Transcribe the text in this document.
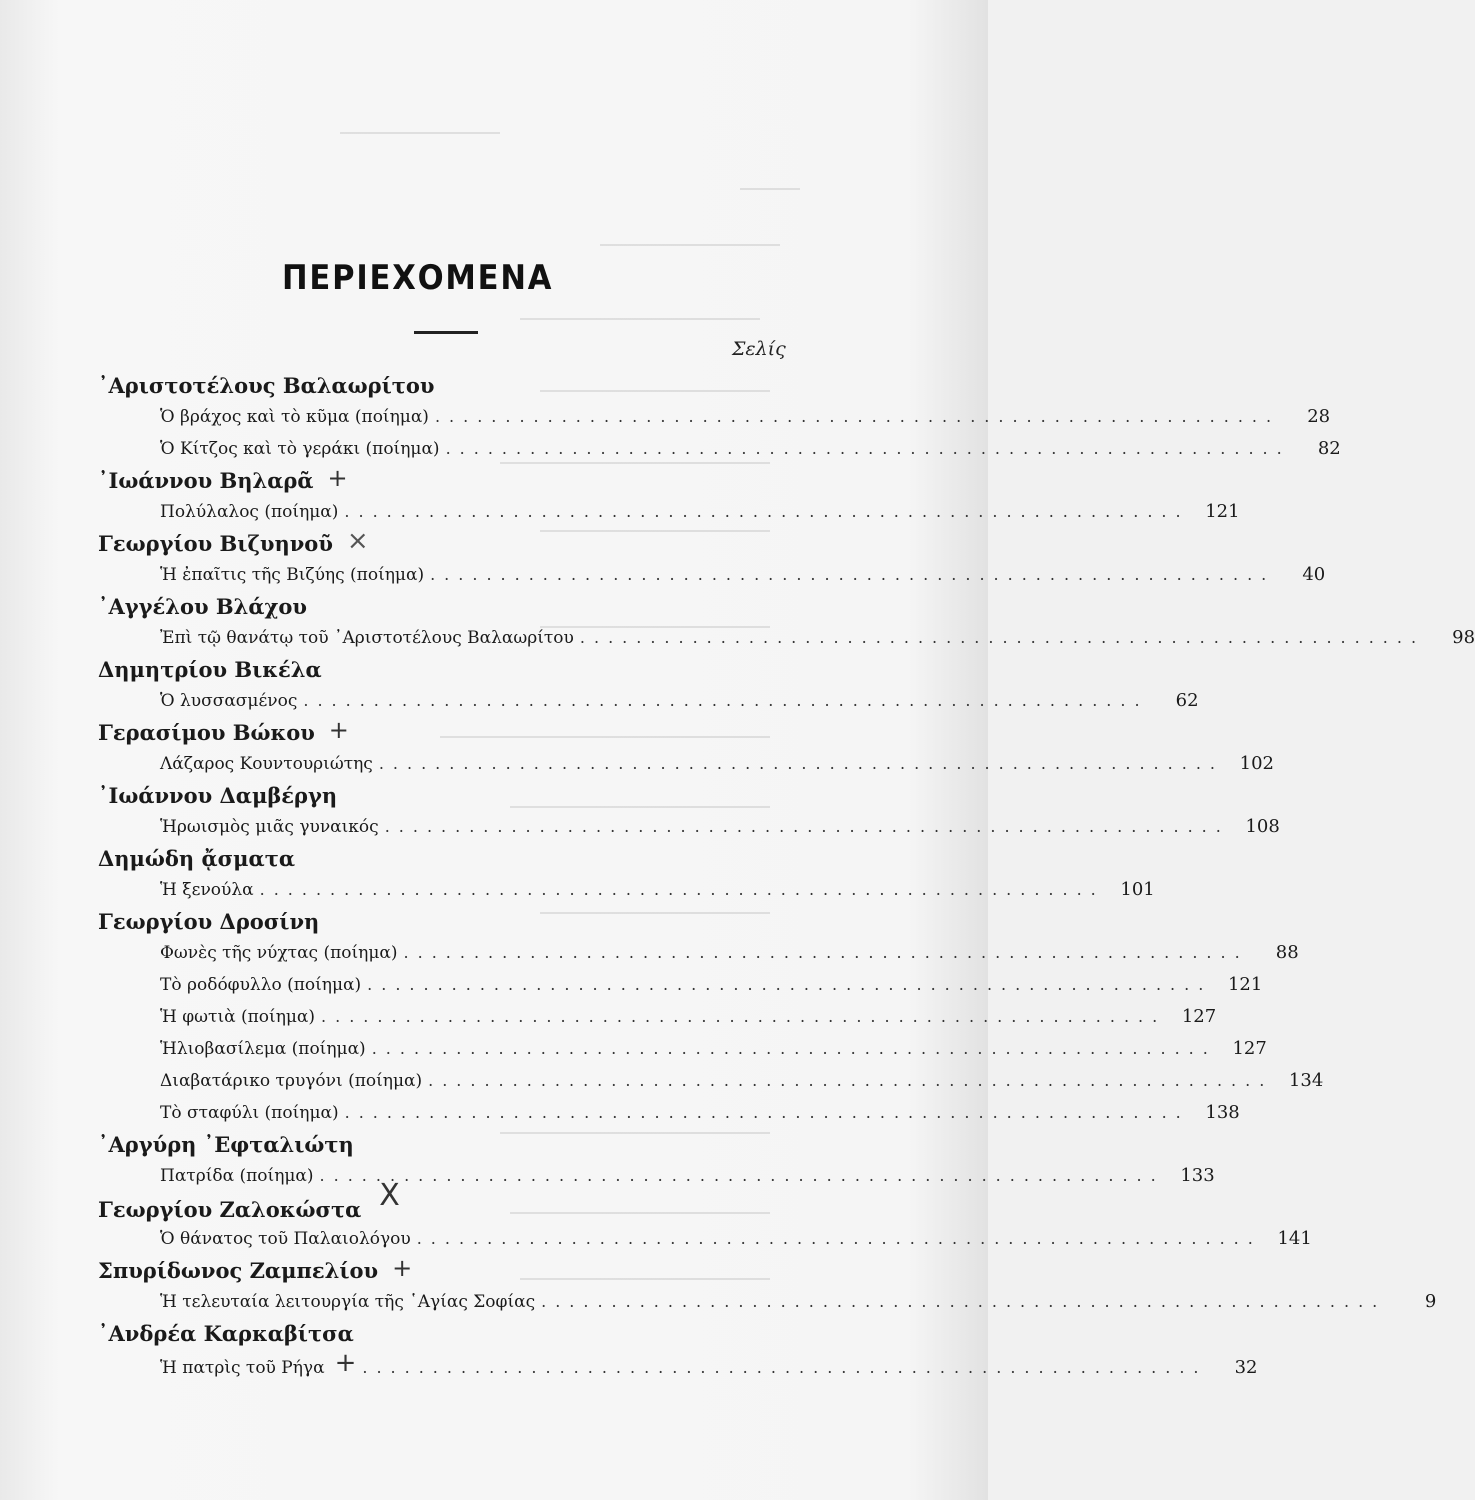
ΠΕΡΙΕΧΟΜΕΝΑ
Σελίς
᾿Αριστοτέλους Βαλαωρίτου
Ὁ βράχος καὶ τὸ κῦμα (ποίημα) ............................................................	28
Ὁ Κίτζος καὶ τὸ γεράκι (ποίημα) ............................................................	82
᾿Ιωάννου Βηλαρᾶ +
Πολύλαλος (ποίημα) ............................................................ 121
Γεωργίου Βιζυηνοῦ ×
Ἡ ἐπαῖτις τῆς Βιζύης (ποίημα) ............................................................	40
᾿Αγγέλου Βλάχου
Ἐπὶ τῷ θανάτῳ τοῦ ᾿Αριστοτέλους Βαλαωρίτου ............................................................	98
Δημητρίου Βικέλα
Ὁ λυσσασμένος ............................................................	62
Γερασίμου Βώκου +
Λάζαρος Κουντουριώτης ............................................................ 102
᾿Ιωάννου Δαμβέργη
Ἡρωισμὸς μιᾶς γυναικός ............................................................ 108
Δημώδη ᾄσματα
Ἡ ξενούλα ............................................................ 101
Γεωργίου Δροσίνη
Φωνὲς τῆς νύχτας (ποίημα) ............................................................	88
Τὸ ροδόφυλλο (ποίημα) ............................................................ 121
Ἡ φωτιὰ (ποίημα) ............................................................ 127
Ἡλιοβασίλεμα (ποίημα) ............................................................ 127
Διαβατάρικο τρυγόνι (ποίημα) ............................................................ 134
Τὸ σταφύλι (ποίημα) ............................................................ 138
᾿Αργύρη ᾿Εφταλιώτη
Πατρίδα (ποίημα) ............................................................ 133
Γεωργίου Ζαλοκώστα X
Ὁ θάνατος τοῦ Παλαιολόγου ............................................................ 141
Σπυρίδωνος Ζαμπελίου +
Ἡ τελευταία λειτουργία τῆς ῾Αγίας Σοφίας ............................................................	9
᾿Ανδρέα Καρκαβίτσα
Ἡ πατρὶς τοῦ Ρήγα + ............................................................	32
